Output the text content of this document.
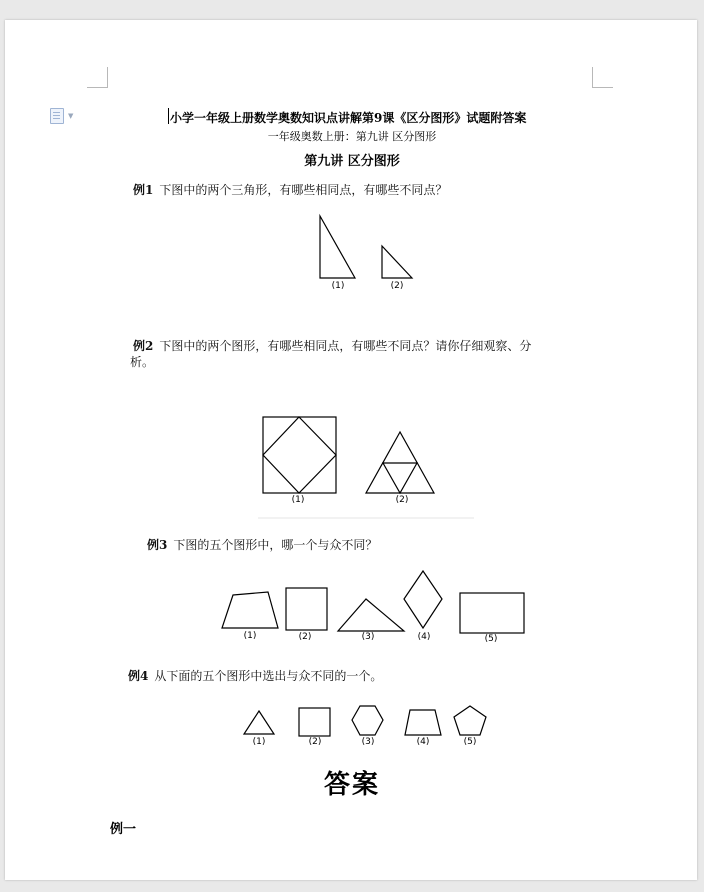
▼	小学一年级上册数学奥数知识点讲解第9课《区分图形》试题附答案
一年级奥数上册：第九讲 区分图形
第九讲 区分图形
例1 下图中的两个三角形，有哪些相同点，有哪些不同点？
例2 下图中的两个图形，有哪些相同点，有哪些不同点？请你仔细观察、分
析。
例3 下图的五个图形中，哪一个与众不同？
例4 从下面的五个图形中选出与众不同的一个。
(1)	(2)
(1)	(2)
(1)	(2)	(3)	(4)	(5)
(1)	(2)	(3)	(4)	(5)
答案
例一
